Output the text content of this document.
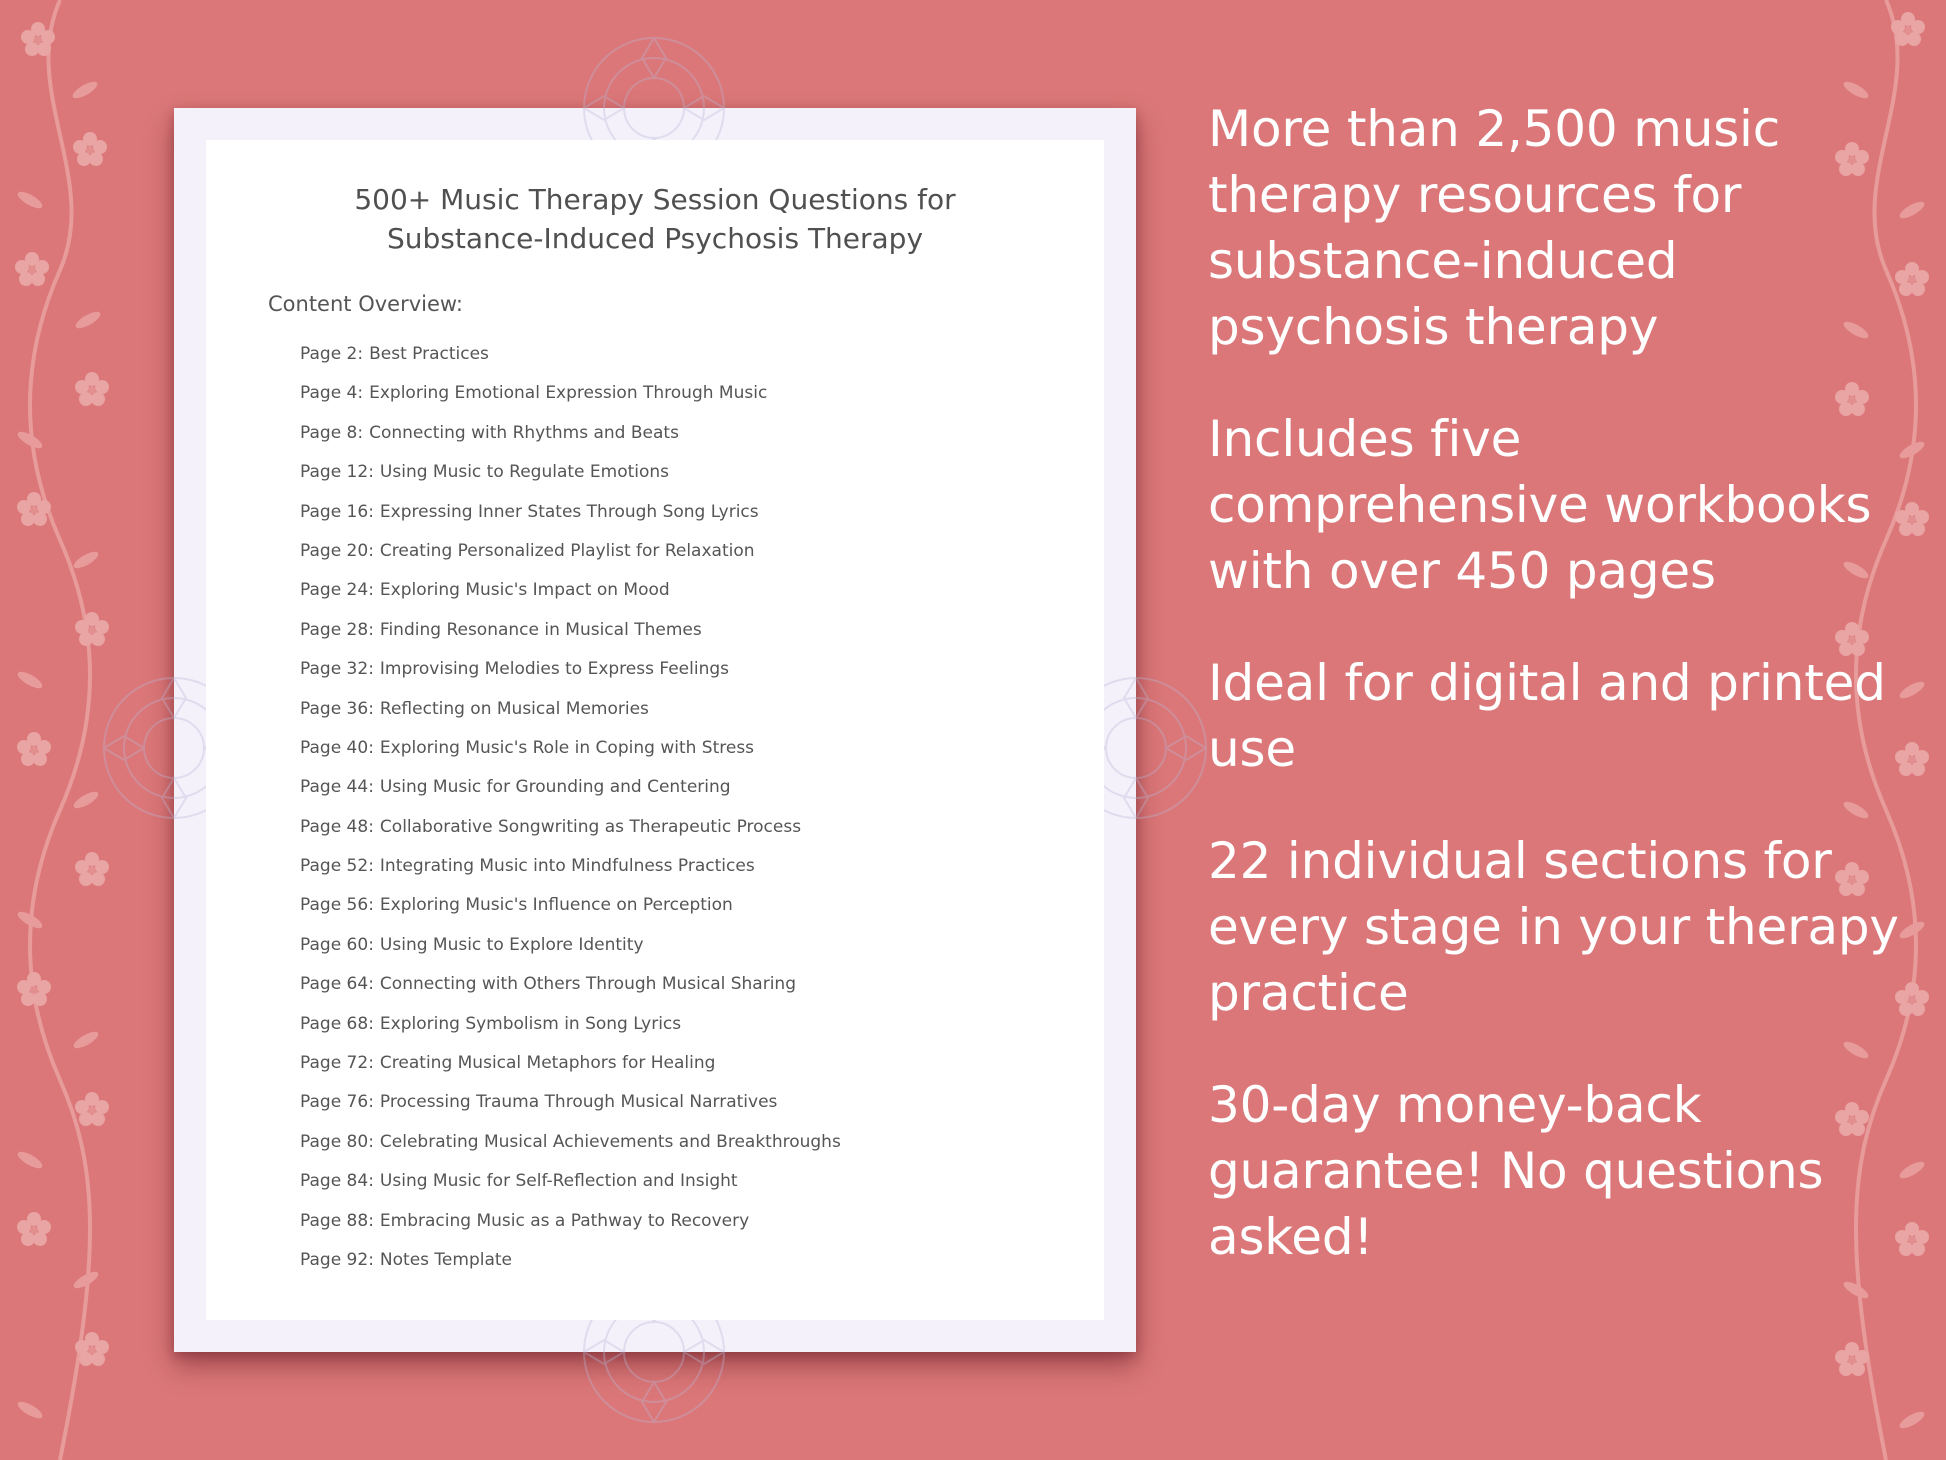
500+ Music Therapy Session Questions for
Substance-Induced Psychosis Therapy
Content Overview:
Page 2: Best Practices
Page 4: Exploring Emotional Expression Through Music
Page 8: Connecting with Rhythms and Beats
Page 12: Using Music to Regulate Emotions
Page 16: Expressing Inner States Through Song Lyrics
Page 20: Creating Personalized Playlist for Relaxation
Page 24: Exploring Music's Impact on Mood
Page 28: Finding Resonance in Musical Themes
Page 32: Improvising Melodies to Express Feelings
Page 36: Reflecting on Musical Memories
Page 40: Exploring Music's Role in Coping with Stress
Page 44: Using Music for Grounding and Centering
Page 48: Collaborative Songwriting as Therapeutic Process
Page 52: Integrating Music into Mindfulness Practices
Page 56: Exploring Music's Influence on Perception
Page 60: Using Music to Explore Identity
Page 64: Connecting with Others Through Musical Sharing
Page 68: Exploring Symbolism in Song Lyrics
Page 72: Creating Musical Metaphors for Healing
Page 76: Processing Trauma Through Musical Narratives
Page 80: Celebrating Musical Achievements and Breakthroughs
Page 84: Using Music for Self-Reflection and Insight
Page 88: Embracing Music as a Pathway to Recovery
Page 92: Notes Template

More than 2,500 music therapy resources for substance-induced psychosis therapy

Includes five comprehensive workbooks with over 450 pages

Ideal for digital and printed use

22 individual sections for every stage in your therapy practice

30-day money-back guarantee! No questions asked!
